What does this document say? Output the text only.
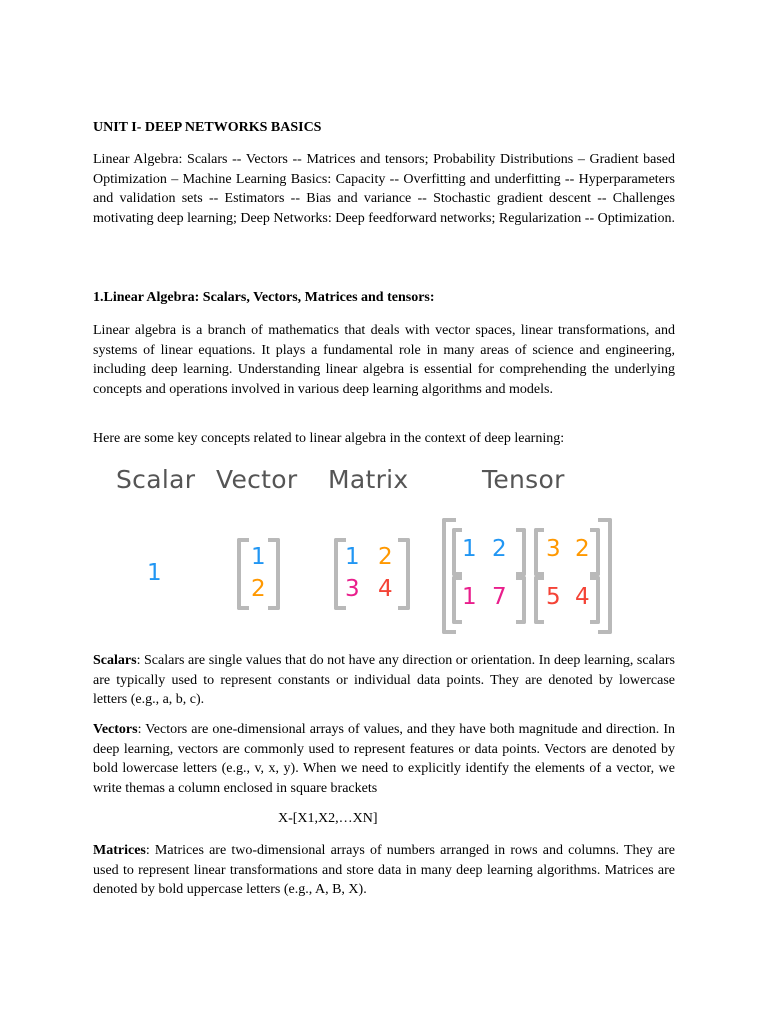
UNIT I- DEEP NETWORKS BASICS

Linear Algebra: Scalars -- Vectors -- Matrices and tensors; Probability Distributions – Gradient based Optimization – Machine Learning Basics: Capacity -- Overfitting and underfitting -- Hyperparameters and validation sets -- Estimators -- Bias and variance -- Stochastic gradient descent -- Challenges motivating deep learning; Deep Networks: Deep feedforward networks; Regularization -- Optimization.

1.Linear Algebra: Scalars, Vectors, Matrices and tensors:

Linear algebra is a branch of mathematics that deals with vector spaces, linear transformations, and systems of linear equations. It plays a fundamental role in many areas of science and engineering, including deep learning. Understanding linear algebra is essential for comprehending the underlying concepts and operations involved in various deep learning algorithms and models.

Here are some key concepts related to linear algebra in the context of deep learning:

Scalar Vector Matrix	Tensor
1
1
2
1 2
3 4
1 2 3 2
1 7 5 4

Scalars: Scalars are single values that do not have any direction or orientation. In deep learning, scalars are typically used to represent constants or individual data points. They are denoted by lowercase letters (e.g., a, b, c).

Vectors: Vectors are one-dimensional arrays of values, and they have both magnitude and direction. In deep learning, vectors are commonly used to represent features or data points. Vectors are denoted by bold lowercase letters (e.g., v, x, y). When we need to explicitly identify the elements of a vector, we write themas a column enclosed in square brackets

X-[X1,X2,…XN]

Matrices: Matrices are two-dimensional arrays of numbers arranged in rows and columns. They are used to represent linear transformations and store data in many deep learning algorithms. Matrices are denoted by bold uppercase letters (e.g., A, B, X).
